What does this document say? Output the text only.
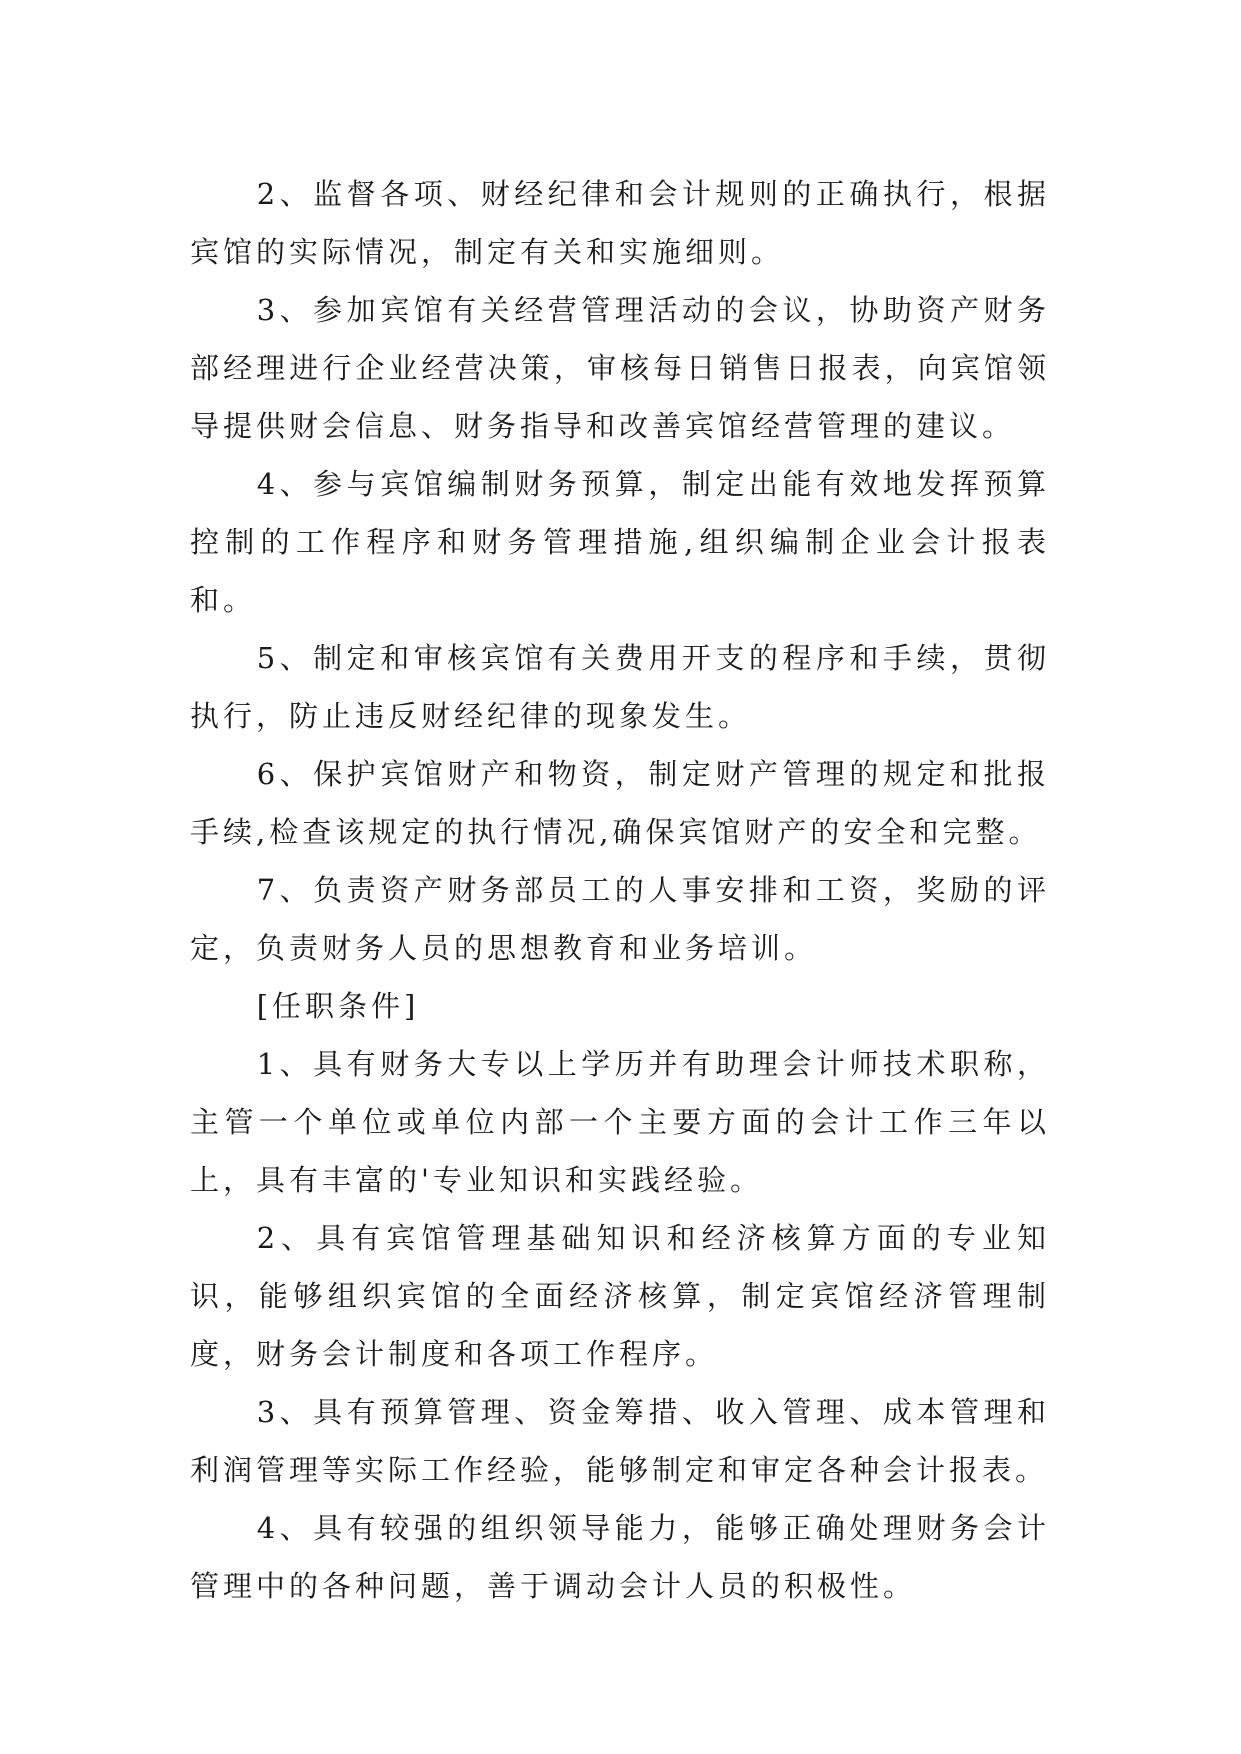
2、监督各项、财经纪律和会计规则的正确执行，根据宾馆的实际情况，制定有关和实施细则。

3、参加宾馆有关经营管理活动的会议，协助资产财务部经理进行企业经营决策，审核每日销售日报表，向宾馆领导提供财会信息、财务指导和改善宾馆经营管理的建议。

4、参与宾馆编制财务预算，制定出能有效地发挥预算控制的工作程序和财务管理措施,组织编制企业会计报表和。

5、制定和审核宾馆有关费用开支的程序和手续，贯彻执行，防止违反财经纪律的现象发生。

6、保护宾馆财产和物资，制定财产管理的规定和批报手续,检查该规定的执行情况,确保宾馆财产的安全和完整。

7、负责资产财务部员工的人事安排和工资，奖励的评定，负责财务人员的思想教育和业务培训。

[任职条件]

1、具有财务大专以上学历并有助理会计师技术职称，主管一个单位或单位内部一个主要方面的会计工作三年以上，具有丰富的'专业知识和实践经验。

2、具有宾馆管理基础知识和经济核算方面的专业知识，能够组织宾馆的全面经济核算，制定宾馆经济管理制度，财务会计制度和各项工作程序。

3、具有预算管理、资金筹措、收入管理、成本管理和利润管理等实际工作经验，能够制定和审定各种会计报表。

4、具有较强的组织领导能力，能够正确处理财务会计管理中的各种问题，善于调动会计人员的积极性。
